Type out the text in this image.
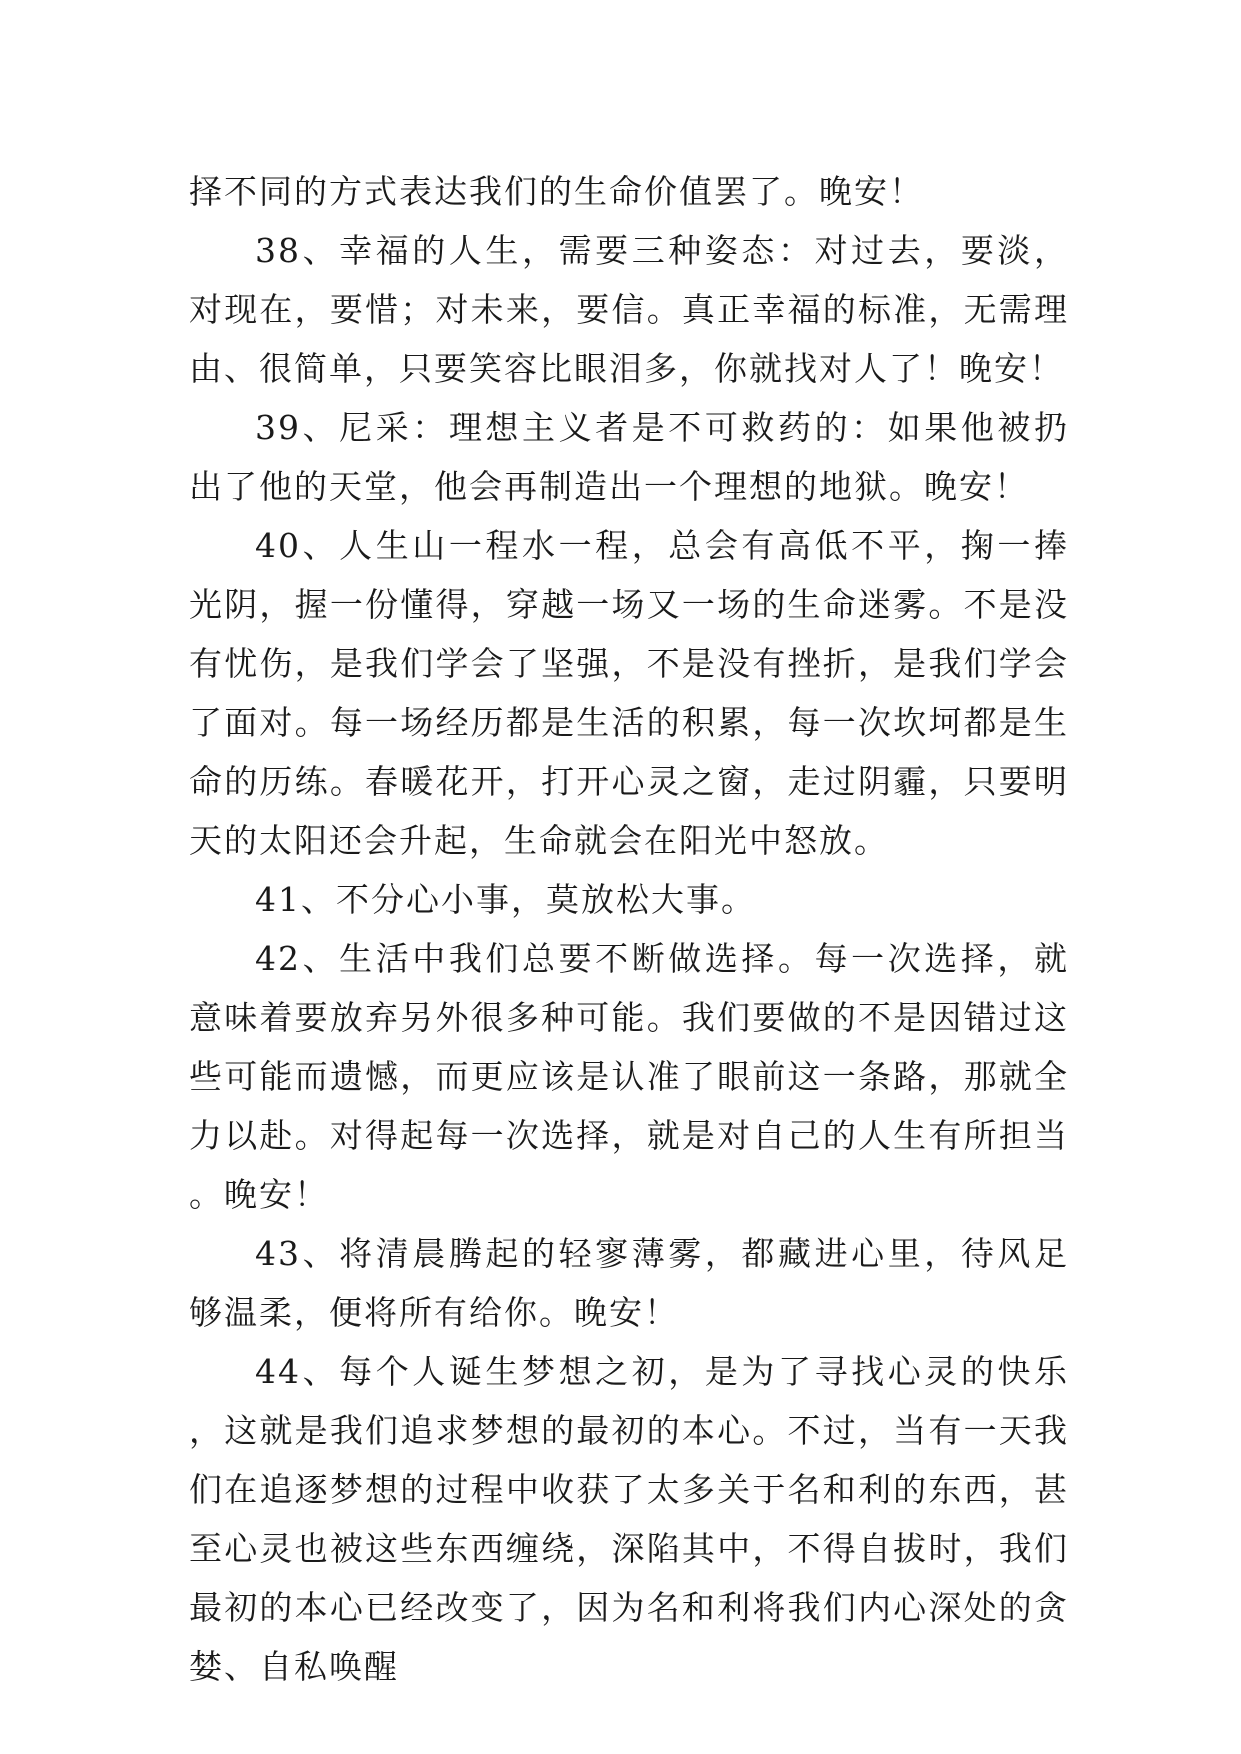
择不同的方式表达我们的生命价值罢了。晚安！

38、幸福的人生，需要三种姿态：对过去，要淡，对现在，要惜；对未来，要信。真正幸福的标准，无需理由、很简单，只要笑容比眼泪多，你就找对人了！晚安！

39、尼采：理想主义者是不可救药的：如果他被扔出了他的天堂，他会再制造出一个理想的地狱。晚安！

40、人生山一程水一程，总会有高低不平，掬一捧光阴，握一份懂得，穿越一场又一场的生命迷雾。不是没有忧伤，是我们学会了坚强，不是没有挫折，是我们学会了面对。每一场经历都是生活的积累，每一次坎坷都是生命的历练。春暖花开，打开心灵之窗，走过阴霾，只要明天的太阳还会升起，生命就会在阳光中怒放。

41、不分心小事，莫放松大事。

42、生活中我们总要不断做选择。每一次选择，就意味着要放弃另外很多种可能。我们要做的不是因错过这些可能而遗憾，而更应该是认准了眼前这一条路，那就全力以赴。对得起每一次选择，就是对自己的人生有所担当。晚安！

43、将清晨腾起的轻寥薄雾，都藏进心里，待风足够温柔，便将所有给你。晚安！

44、每个人诞生梦想之初，是为了寻找心灵的快乐，这就是我们追求梦想的最初的本心。不过，当有一天我们在追逐梦想的过程中收获了太多关于名和利的东西，甚至心灵也被这些东西缠绕，深陷其中，不得自拔时，我们最初的本心已经改变了，因为名和利将我们内心深处的贪婪、自私唤醒
